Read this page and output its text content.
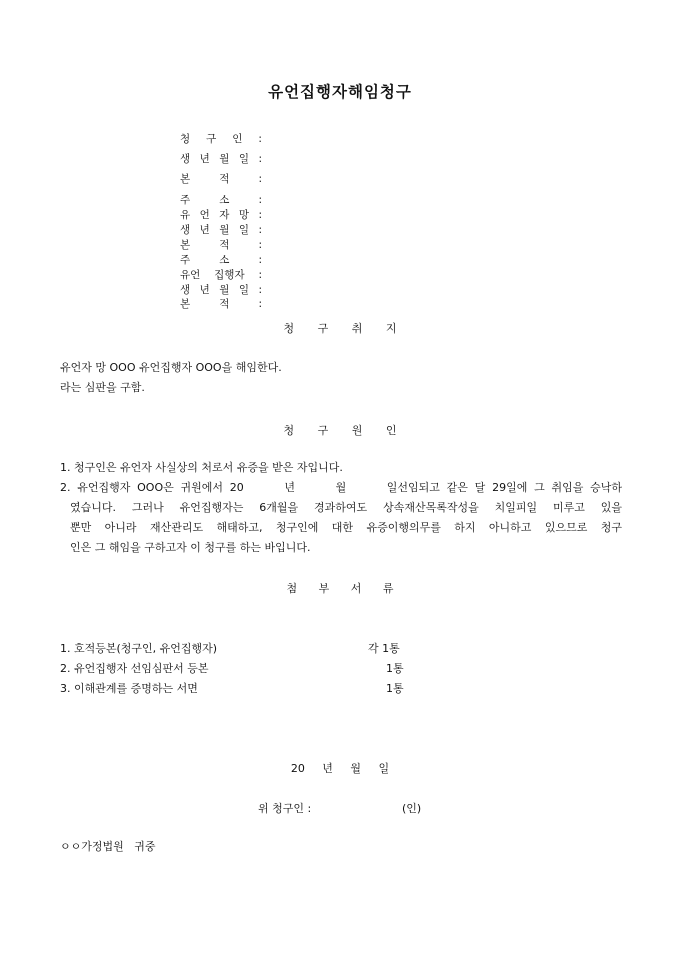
유언집행자해임청구
청 구 인 :
생 년 월 일 :
본	적	:
주	소	:
유 언 자 망 :
생 년 월 일 :
본	적	:
주	소	:
유언 집행자 :
생 년 월 일 :
본	적	:
청 구 취 지
유언자 망 OOO 유언집행자 OOO을 해임한다.
라는 심판을 구함.
청 구 원 인
1. 청구인은 유언자 사실상의 처로서 유증을 받은 자입니다.
2. 유언집행자 OOO은 귀원에서 20      년      월      일선임되고 같은 달 29일에 그 취임을 승낙하
였습니다. 그러나 유언집행자는 6개월을 경과하여도 상속재산목록작성을 치일피일 미루고 있을
뿐만 아니라 재산관리도 해태하고, 청구인에 대한 유증이행의무를 하지 아니하고 있으므로 청구
인은 그 해임을 구하고자 이 청구를 하는 바입니다.
첨 부 서 류
1. 호적등본(청구인, 유언집행자)	각 1통
2. 유언집행자 선임심판서 등본	1통
3. 이해관계를 증명하는 서면	1통
20     년     월     일
위 청구인 :	(인)
ㅇㅇ가정법원   귀중
